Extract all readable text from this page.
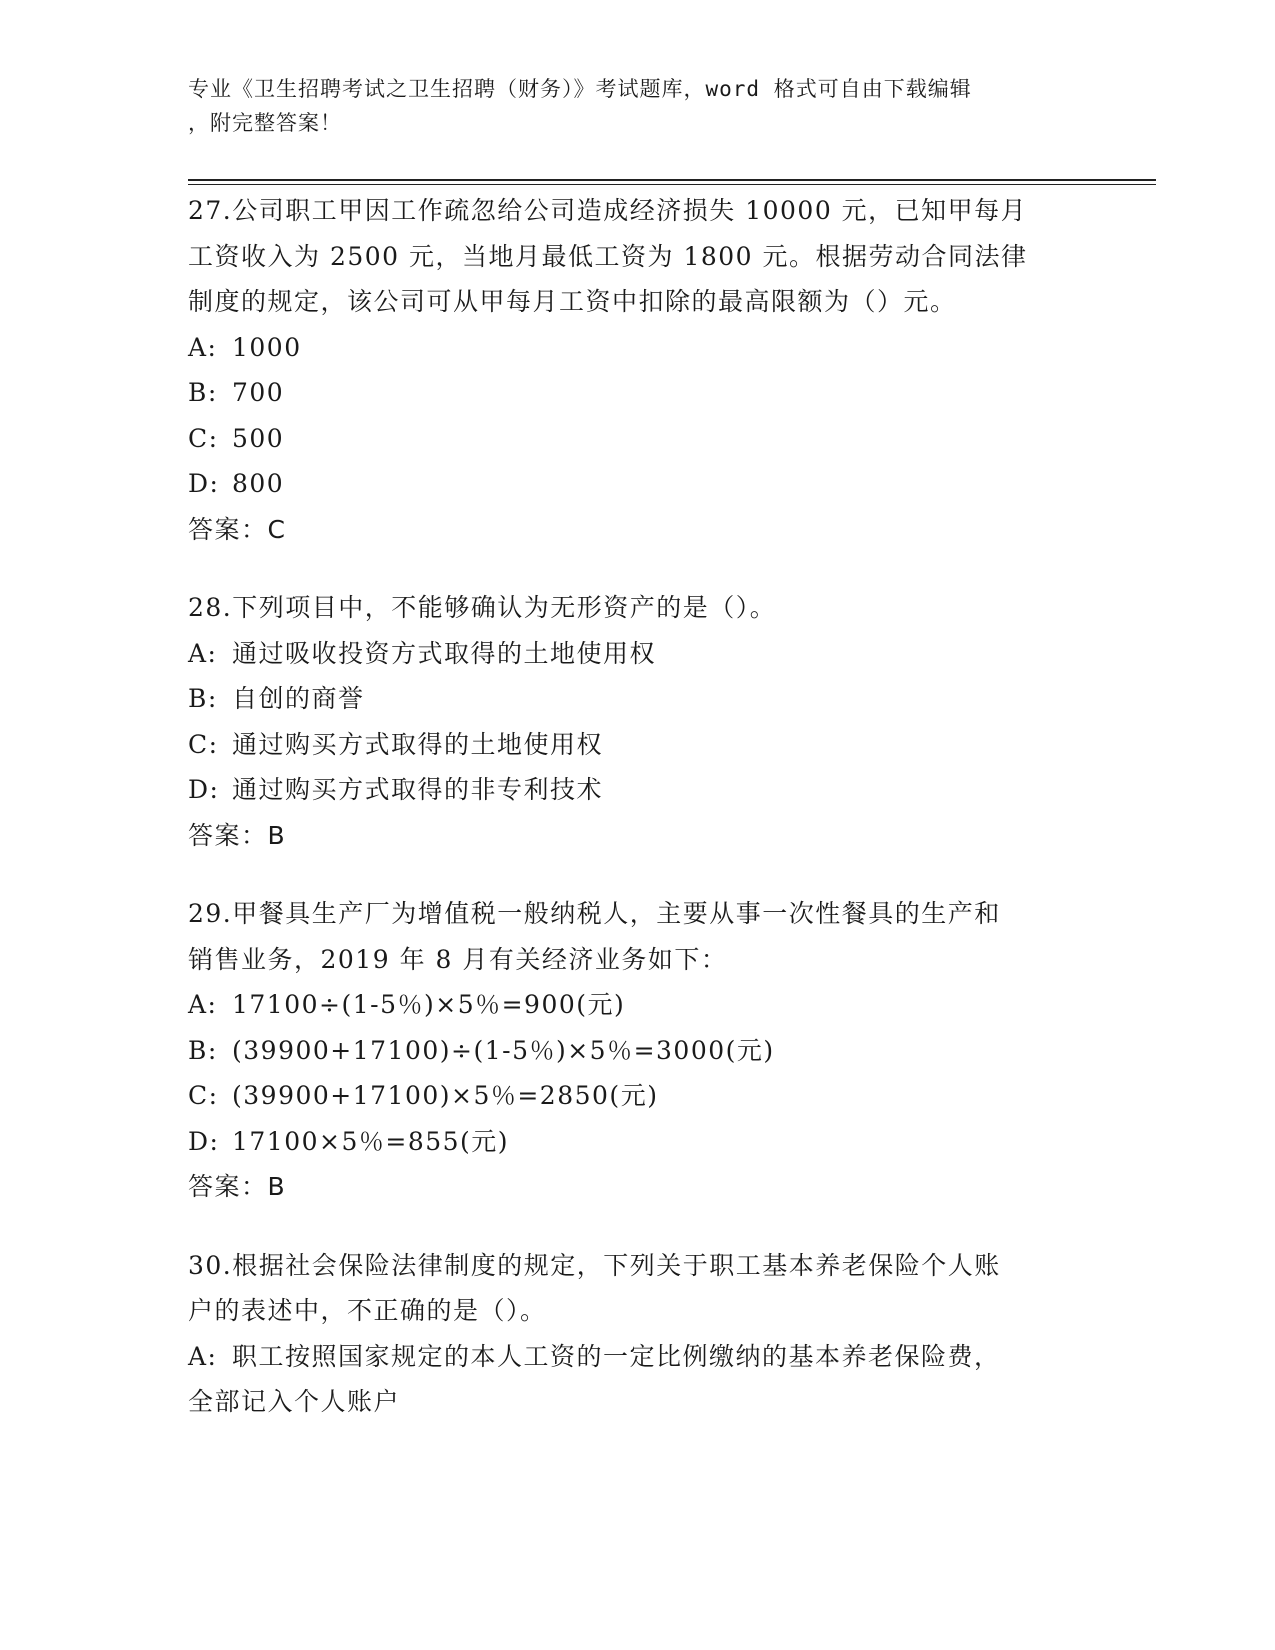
专业《卫生招聘考试之卫生招聘（财务）》考试题库，word 格式可自由下载编辑
，附完整答案！

27.公司职工甲因工作疏忽给公司造成经济损失 10000 元，已知甲每月
工资收入为 2500 元，当地月最低工资为 1800 元。根据劳动合同法律
制度的规定，该公司可从甲每月工资中扣除的最高限额为（）元。

A: 1000

B: 700

C: 500

D: 800

答案：C

28.下列项目中，不能够确认为无形资产的是（）。

A: 通过吸收投资方式取得的土地使用权

B: 自创的商誉

C: 通过购买方式取得的土地使用权

D: 通过购买方式取得的非专利技术

答案：B

29.甲餐具生产厂为增值税一般纳税人，主要从事一次性餐具的生产和
销售业务，2019 年 8 月有关经济业务如下：

A: 17100÷(1-5％)×5％=900(元)

B: (39900+17100)÷(1-5％)×5％=3000(元)

C: (39900+17100)×5％=2850(元)

D: 17100×5％=855(元)

答案：B

30.根据社会保险法律制度的规定，下列关于职工基本养老保险个人账
户的表述中，不正确的是（）。

A: 职工按照国家规定的本人工资的一定比例缴纳的基本养老保险费，
全部记入个人账户
